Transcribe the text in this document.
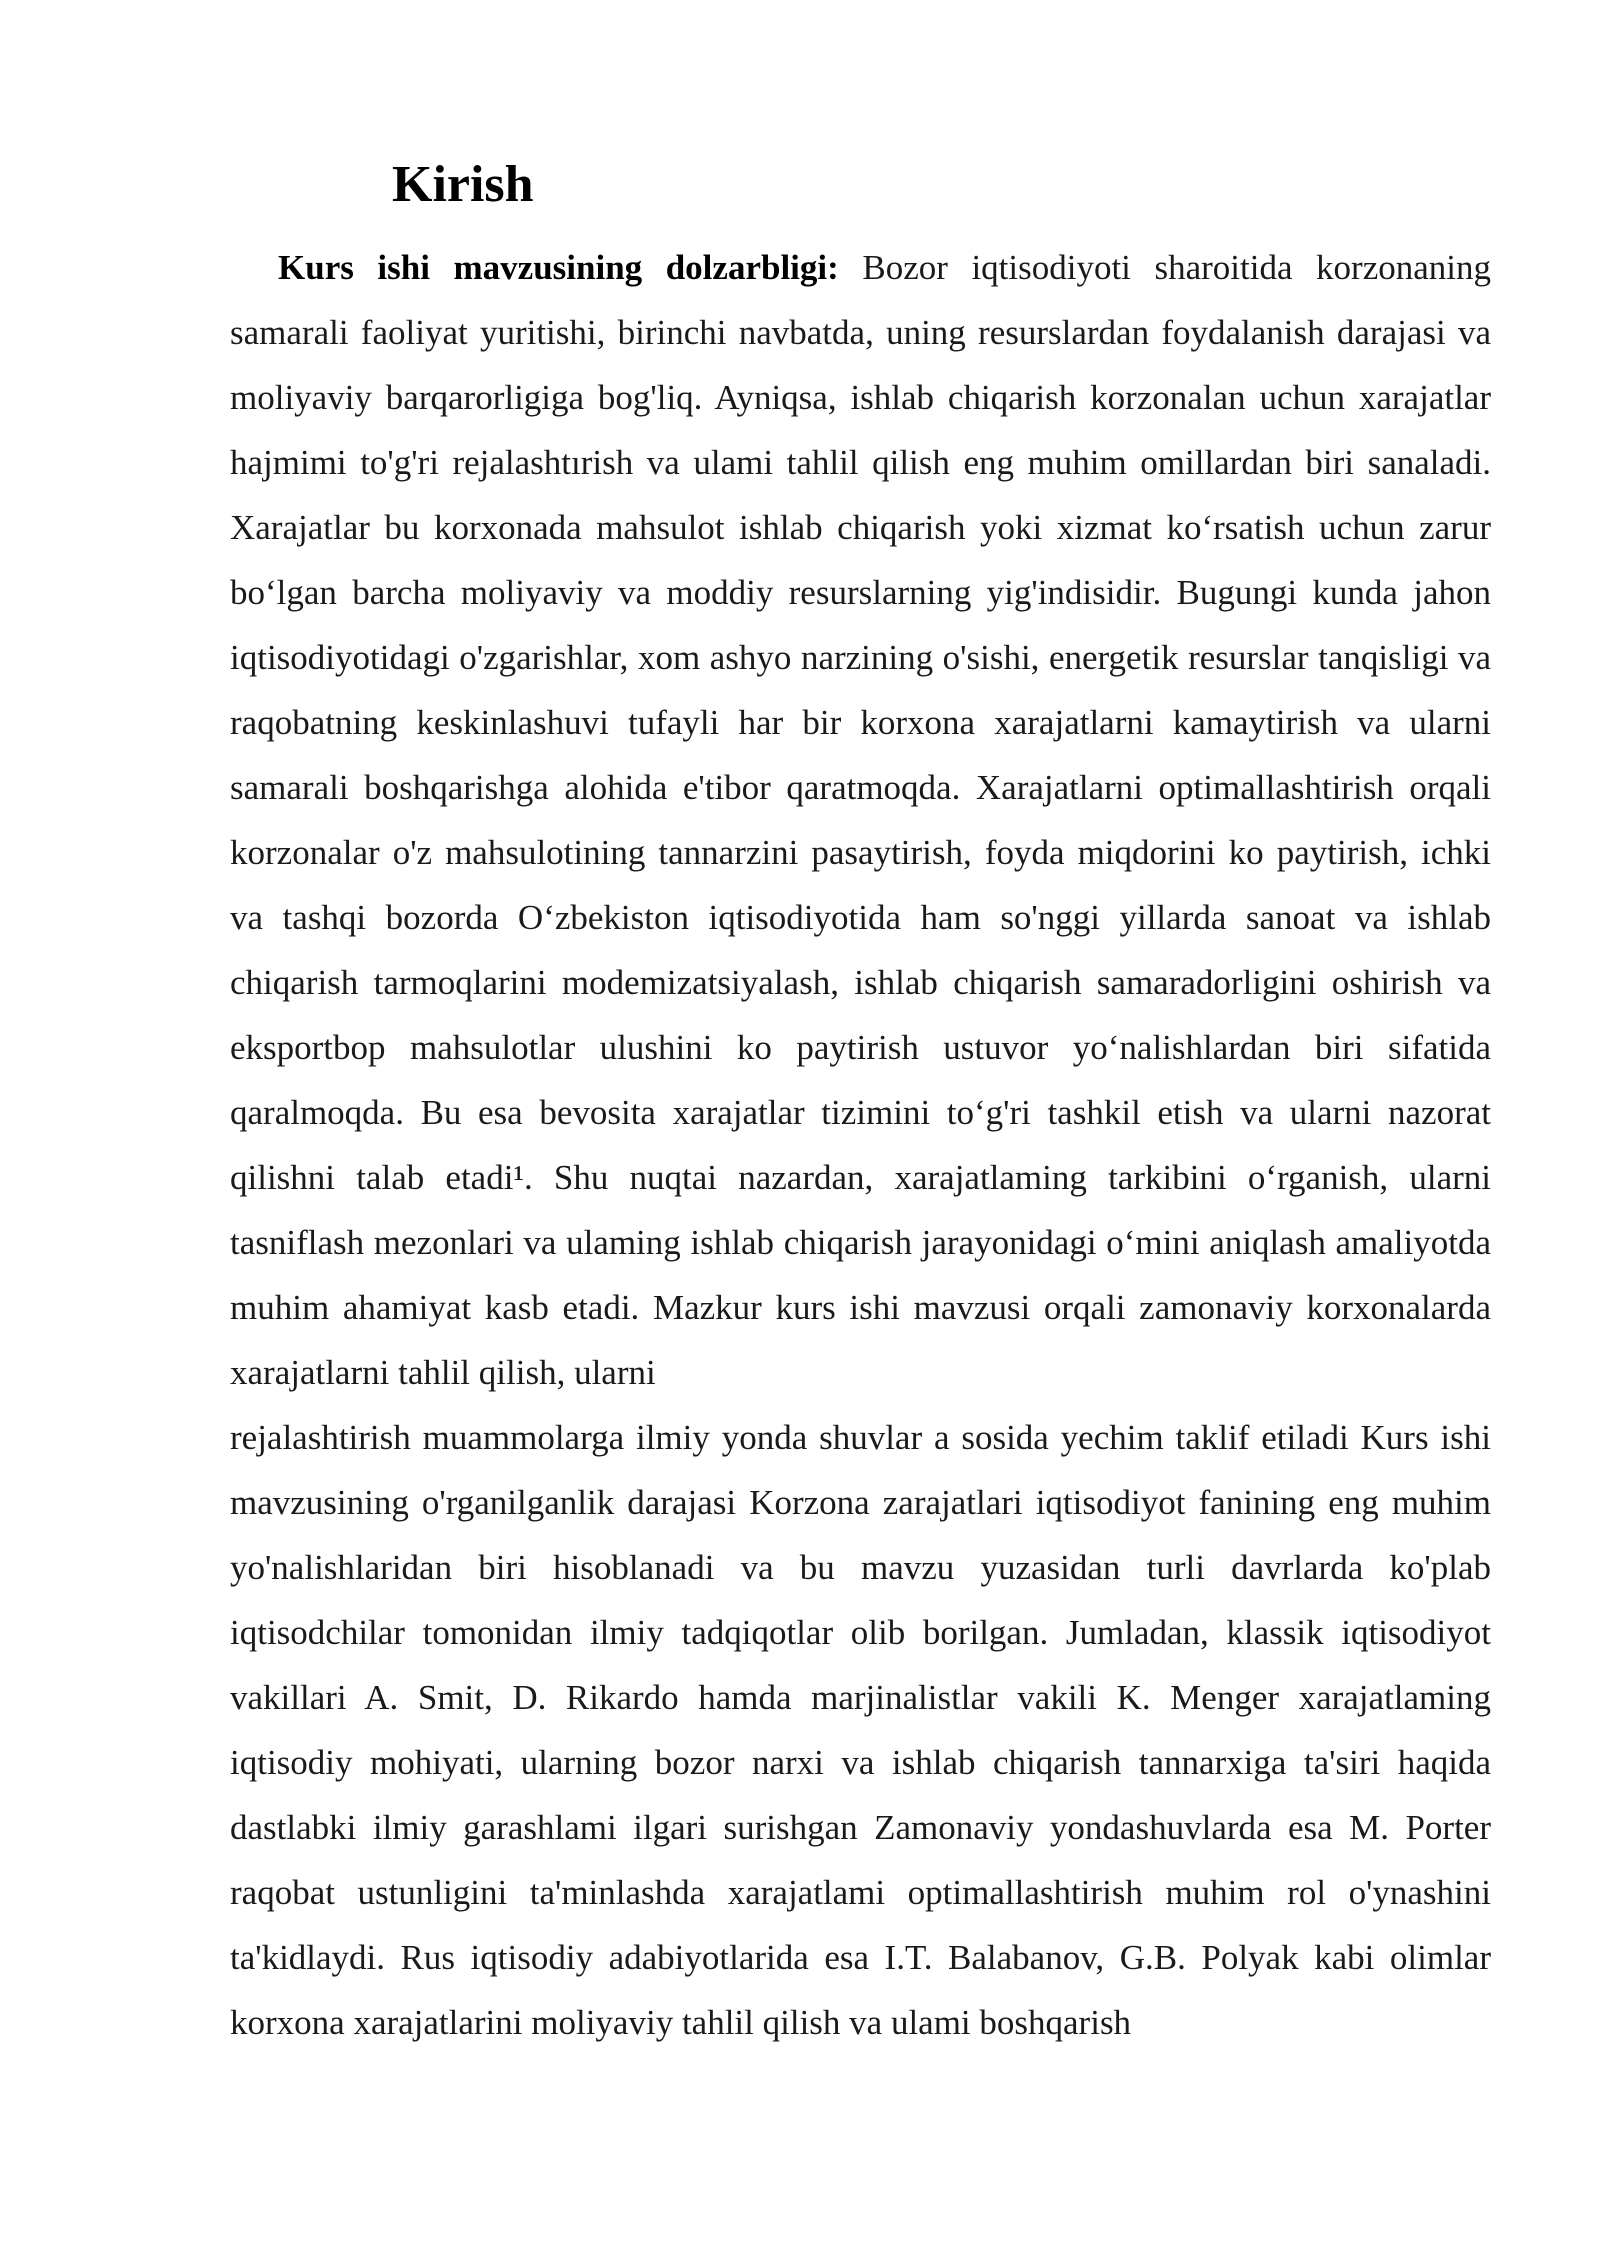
Kirish

Kurs ishi mavzusining dolzarbligi: Bozor iqtisodiyoti sharoitida korzonaning samarali faoliyat yuritishi, birinchi navbatda, uning resurslardan foydalanish darajasi va moliyaviy barqarorligiga bog'liq. Ayniqsa, ishlab chiqarish korzonalan uchun xarajatlar hajmimi to'g'ri rejalashtırish va ulami tahlil qilish eng muhim omillardan biri sanaladi. Xarajatlar bu korxonada mahsulot ishlab chiqarish yoki xizmat ko‘rsatish uchun zarur bo‘lgan barcha moliyaviy va moddiy resurslarning yig'indisidir. Bugungi kunda jahon iqtisodiyotidagi o'zgarishlar, xom ashyo narzining o'sishi, energetik resurslar tanqisligi va raqobatning keskinlashuvi tufayli har bir korxona xarajatlarni kamaytirish va ularni samarali boshqarishga alohida e'tibor qaratmoqda. Xarajatlarni optimallashtirish orqali korzonalar o'z mahsulotining tannarzini pasaytirish, foyda miqdorini ko paytirish, ichki va tashqi bozorda O‘zbekiston iqtisodiyotida ham so'nggi yillarda sanoat va ishlab chiqarish tarmoqlarini modemizatsiyalash, ishlab chiqarish samaradorligini oshirish va eksportbop mahsulotlar ulushini ko paytirish ustuvor yo‘nalishlardan biri sifatida qaralmoqda. Bu esa bevosita xarajatlar tizimini to‘g'ri tashkil etish va ularni nazorat qilishni talab etadi¹. Shu nuqtai nazardan, xarajatlaming tarkibini o‘rganish, ularni tasniflash mezonlari va ulaming ishlab chiqarish jarayonidagi o‘mini aniqlash amaliyotda muhim ahamiyat kasb etadi. Mazkur kurs ishi mavzusi orqali zamonaviy korxonalarda xarajatlarni tahlil qilish, ularni

rejalashtirish muammolarga ilmiy yonda shuvlar a sosida yechim taklif etiladi Kurs ishi mavzusining o'rganilganlik darajasi Korzona zarajatlari iqtisodiyot fanining eng muhim yo'nalishlaridan biri hisoblanadi va bu mavzu yuzasidan turli davrlarda ko'plab iqtisodchilar tomonidan ilmiy tadqiqotlar olib borilgan. Jumladan, klassik iqtisodiyot vakillari A. Smit, D. Rikardo hamda marjinalistlar vakili K. Menger xarajatlaming iqtisodiy mohiyati, ularning bozor narxi va ishlab chiqarish tannarxiga ta'siri haqida dastlabki ilmiy garashlami ilgari surishgan Zamonaviy yondashuvlarda esa M. Porter raqobat ustunligini ta'minlashda xarajatlami optimallashtirish muhim rol o'ynashini ta'kidlaydi. Rus iqtisodiy adabiyotlarida esa I.T. Balabanov, G.B. Polyak kabi olimlar korxona xarajatlarini moliyaviy tahlil qilish va ulami boshqarish
